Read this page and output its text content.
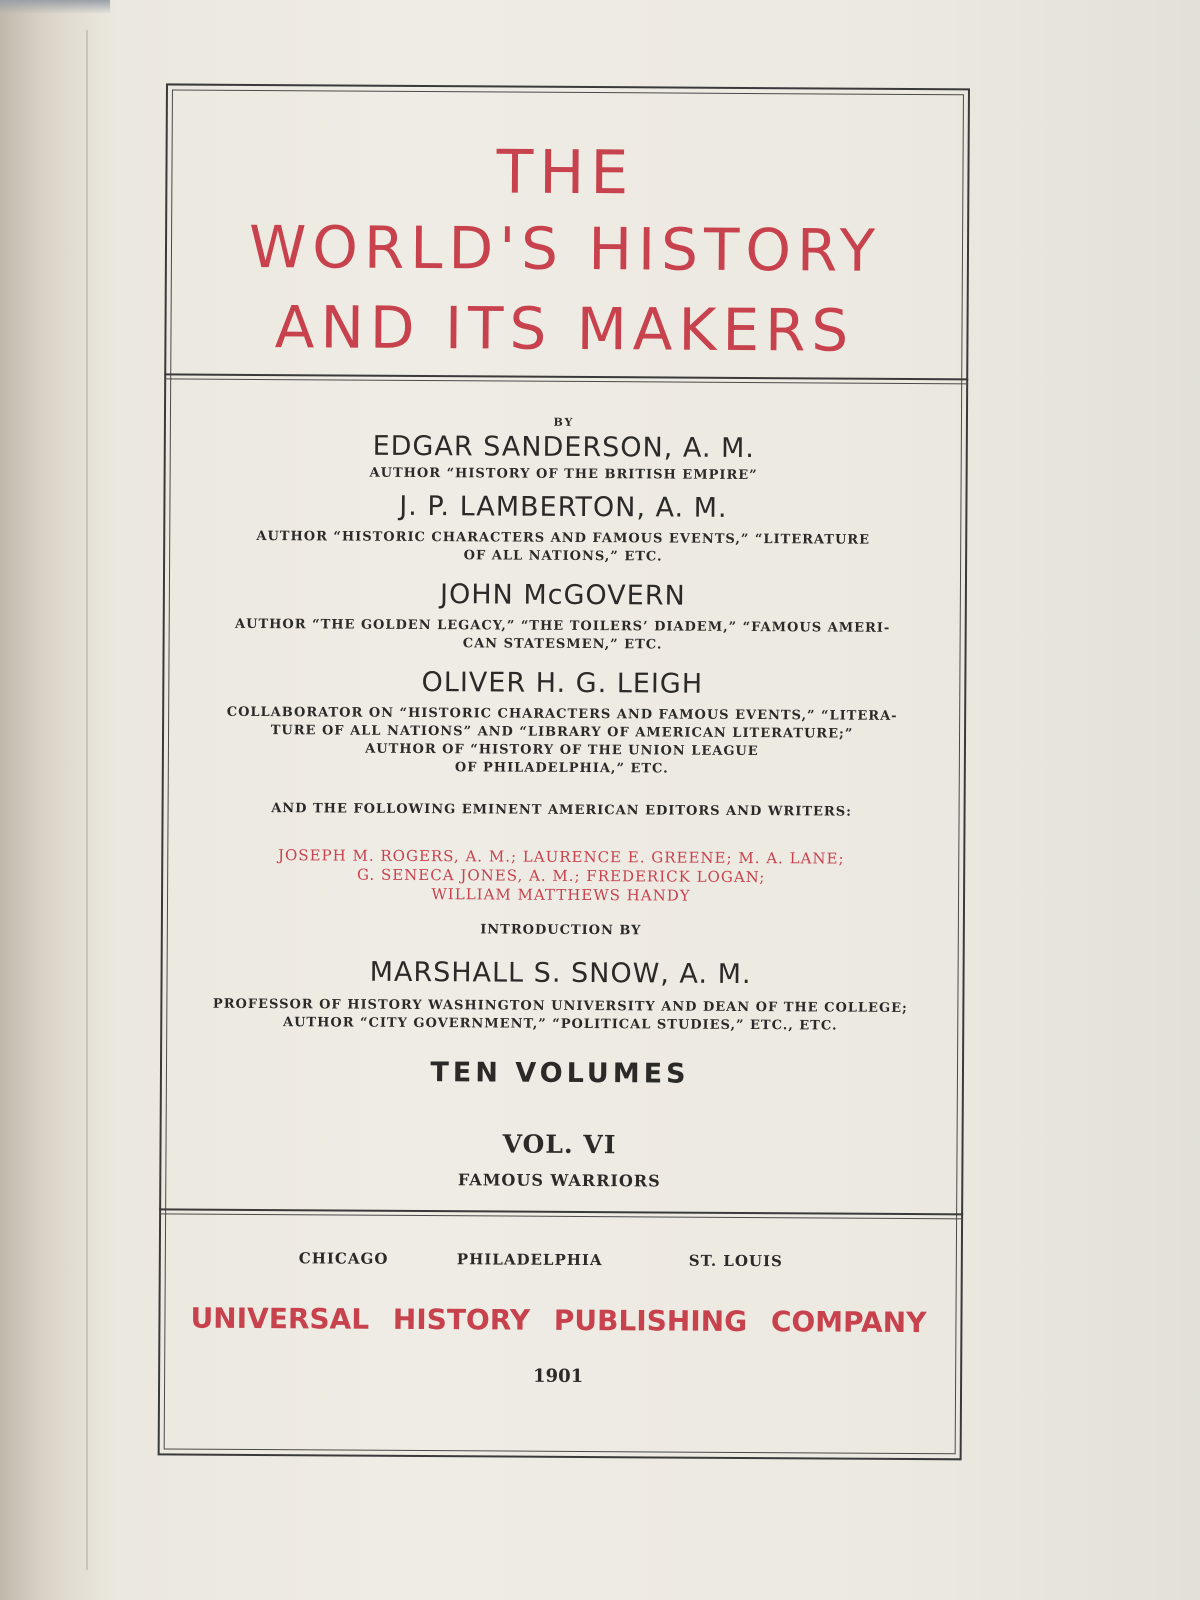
THE
WORLD'S HISTORY
AND ITS MAKERS
BY
EDGAR SANDERSON, A. M.
AUTHOR “HISTORY OF THE BRITISH EMPIRE”
J. P. LAMBERTON, A. M.
AUTHOR “HISTORIC CHARACTERS AND FAMOUS EVENTS,” “LITERATURE
OF ALL NATIONS,” ETC.
JOHN McGOVERN
AUTHOR “THE GOLDEN LEGACY,” “THE TOILERS’ DIADEM,” “FAMOUS AMERI-
CAN STATESMEN,” ETC.
OLIVER H. G. LEIGH
COLLABORATOR ON “HISTORIC CHARACTERS AND FAMOUS EVENTS,” “LITERA-
TURE OF ALL NATIONS” AND “LIBRARY OF AMERICAN LITERATURE;”
AUTHOR OF “HISTORY OF THE UNION LEAGUE
OF PHILADELPHIA,” ETC.
AND THE FOLLOWING EMINENT AMERICAN EDITORS AND WRITERS:
JOSEPH M. ROGERS, A. M.; LAURENCE E. GREENE; M. A. LANE;
G. SENECA JONES, A. M.; FREDERICK LOGAN;
WILLIAM MATTHEWS HANDY
INTRODUCTION BY
MARSHALL S. SNOW, A. M.
PROFESSOR OF HISTORY WASHINGTON UNIVERSITY AND DEAN OF THE COLLEGE;
AUTHOR “CITY GOVERNMENT,” “POLITICAL STUDIES,” ETC., ETC.
TEN VOLUMES
VOL. VI
FAMOUS WARRIORS
CHICAGO	PHILADELPHIA	ST. LOUIS
UNIVERSAL HISTORY PUBLISHING COMPANY
1901
